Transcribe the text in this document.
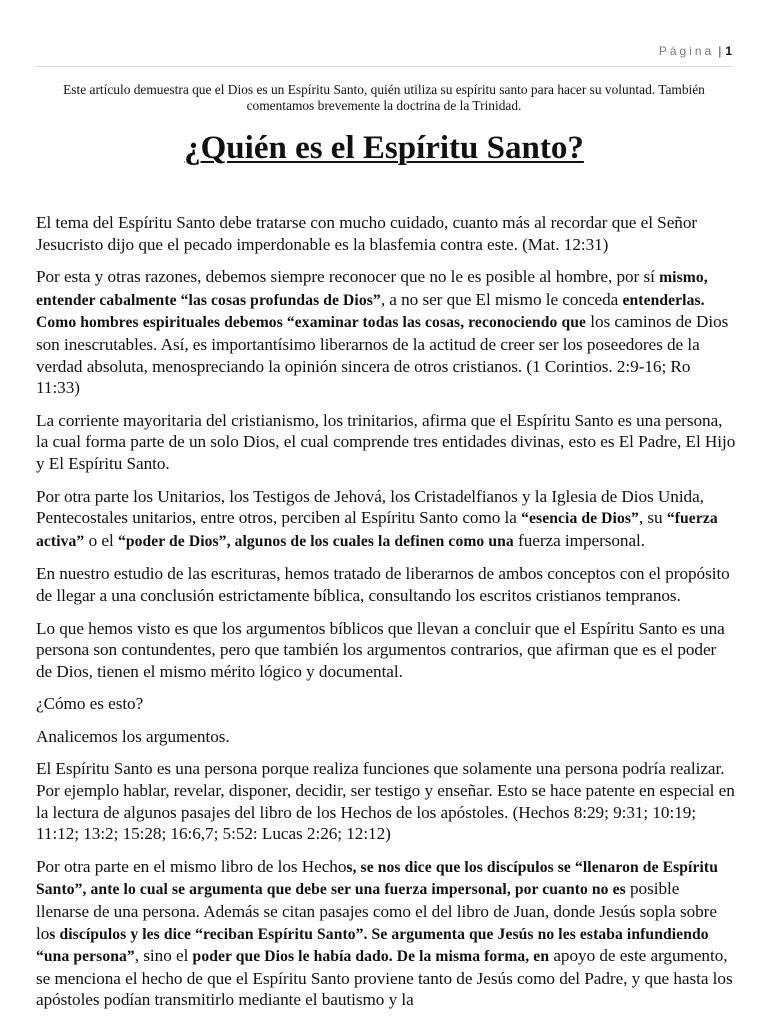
Página | 1

Este artículo demuestra que el Dios es un Espíritu Santo, quién utiliza su espíritu santo para hacer su voluntad. También comentamos brevemente la doctrina de la Trinidad.

¿Quién es el Espíritu Santo?

El tema del Espíritu Santo debe tratarse con mucho cuidado, cuanto más al recordar que el Señor Jesucristo dijo que el pecado imperdonable es la blasfemia contra este. (Mat. 12:31)

Por esta y otras razones, debemos siempre reconocer que no le es posible al hombre, por sí mismo, entender cabalmente “las cosas profundas de Dios”, a no ser que El mismo le conceda entenderlas. Como hombres espirituales debemos “examinar todas las cosas, reconociendo que los caminos de Dios son inescrutables. Así, es importantísimo liberarnos de la actitud de creer ser los poseedores de la verdad absoluta, menospreciando la opinión sincera de otros cristianos. (1 Corintios. 2:9-16; Ro 11:33)

La corriente mayoritaria del cristianismo, los trinitarios, afirma que el Espíritu Santo es una persona, la cual forma parte de un solo Dios, el cual comprende tres entidades divinas, esto es El Padre, El Hijo y El Espíritu Santo.

Por otra parte los Unitarios, los Testigos de Jehová, los Cristadelfianos y la Iglesia de Dios Unida, Pentecostales unitarios, entre otros, perciben al Espíritu Santo como la “esencia de Dios”, su “fuerza activa” o el “poder de Dios”, algunos de los cuales la definen como una fuerza impersonal.

En nuestro estudio de las escrituras, hemos tratado de liberarnos de ambos conceptos con el propósito de llegar a una conclusión estrictamente bíblica, consultando los escritos cristianos tempranos.

Lo que hemos visto es que los argumentos bíblicos que llevan a concluir que el Espíritu Santo es una persona son contundentes, pero que también los argumentos contrarios, que afirman que es el poder de Dios, tienen el mismo mérito lógico y documental.

¿Cómo es esto?

Analicemos los argumentos.

El Espíritu Santo es una persona porque realiza funciones que solamente una persona podría realizar. Por ejemplo hablar, revelar, disponer, decidir, ser testigo y enseñar. Esto se hace patente en especial en la lectura de algunos pasajes del libro de los Hechos de los apóstoles. (Hechos 8:29; 9:31; 10:19; 11:12; 13:2; 15:28; 16:6,7; 5:52: Lucas 2:26; 12:12)

Por otra parte en el mismo libro de los Hechos, se nos dice que los discípulos se “llenaron de Espíritu Santo”, ante lo cual se argumenta que debe ser una fuerza impersonal, por cuanto no es posible llenarse de una persona. Además se citan pasajes como el del libro de Juan, donde Jesús sopla sobre los discípulos y les dice “reciban Espíritu Santo”. Se argumenta que Jesús no les estaba infundiendo “una persona”, sino el poder que Dios le había dado. De la misma forma, en apoyo de este argumento, se menciona el hecho de que el Espíritu Santo proviene tanto de Jesús como del Padre, y que hasta los apóstoles podían transmitirlo mediante el bautismo y la
